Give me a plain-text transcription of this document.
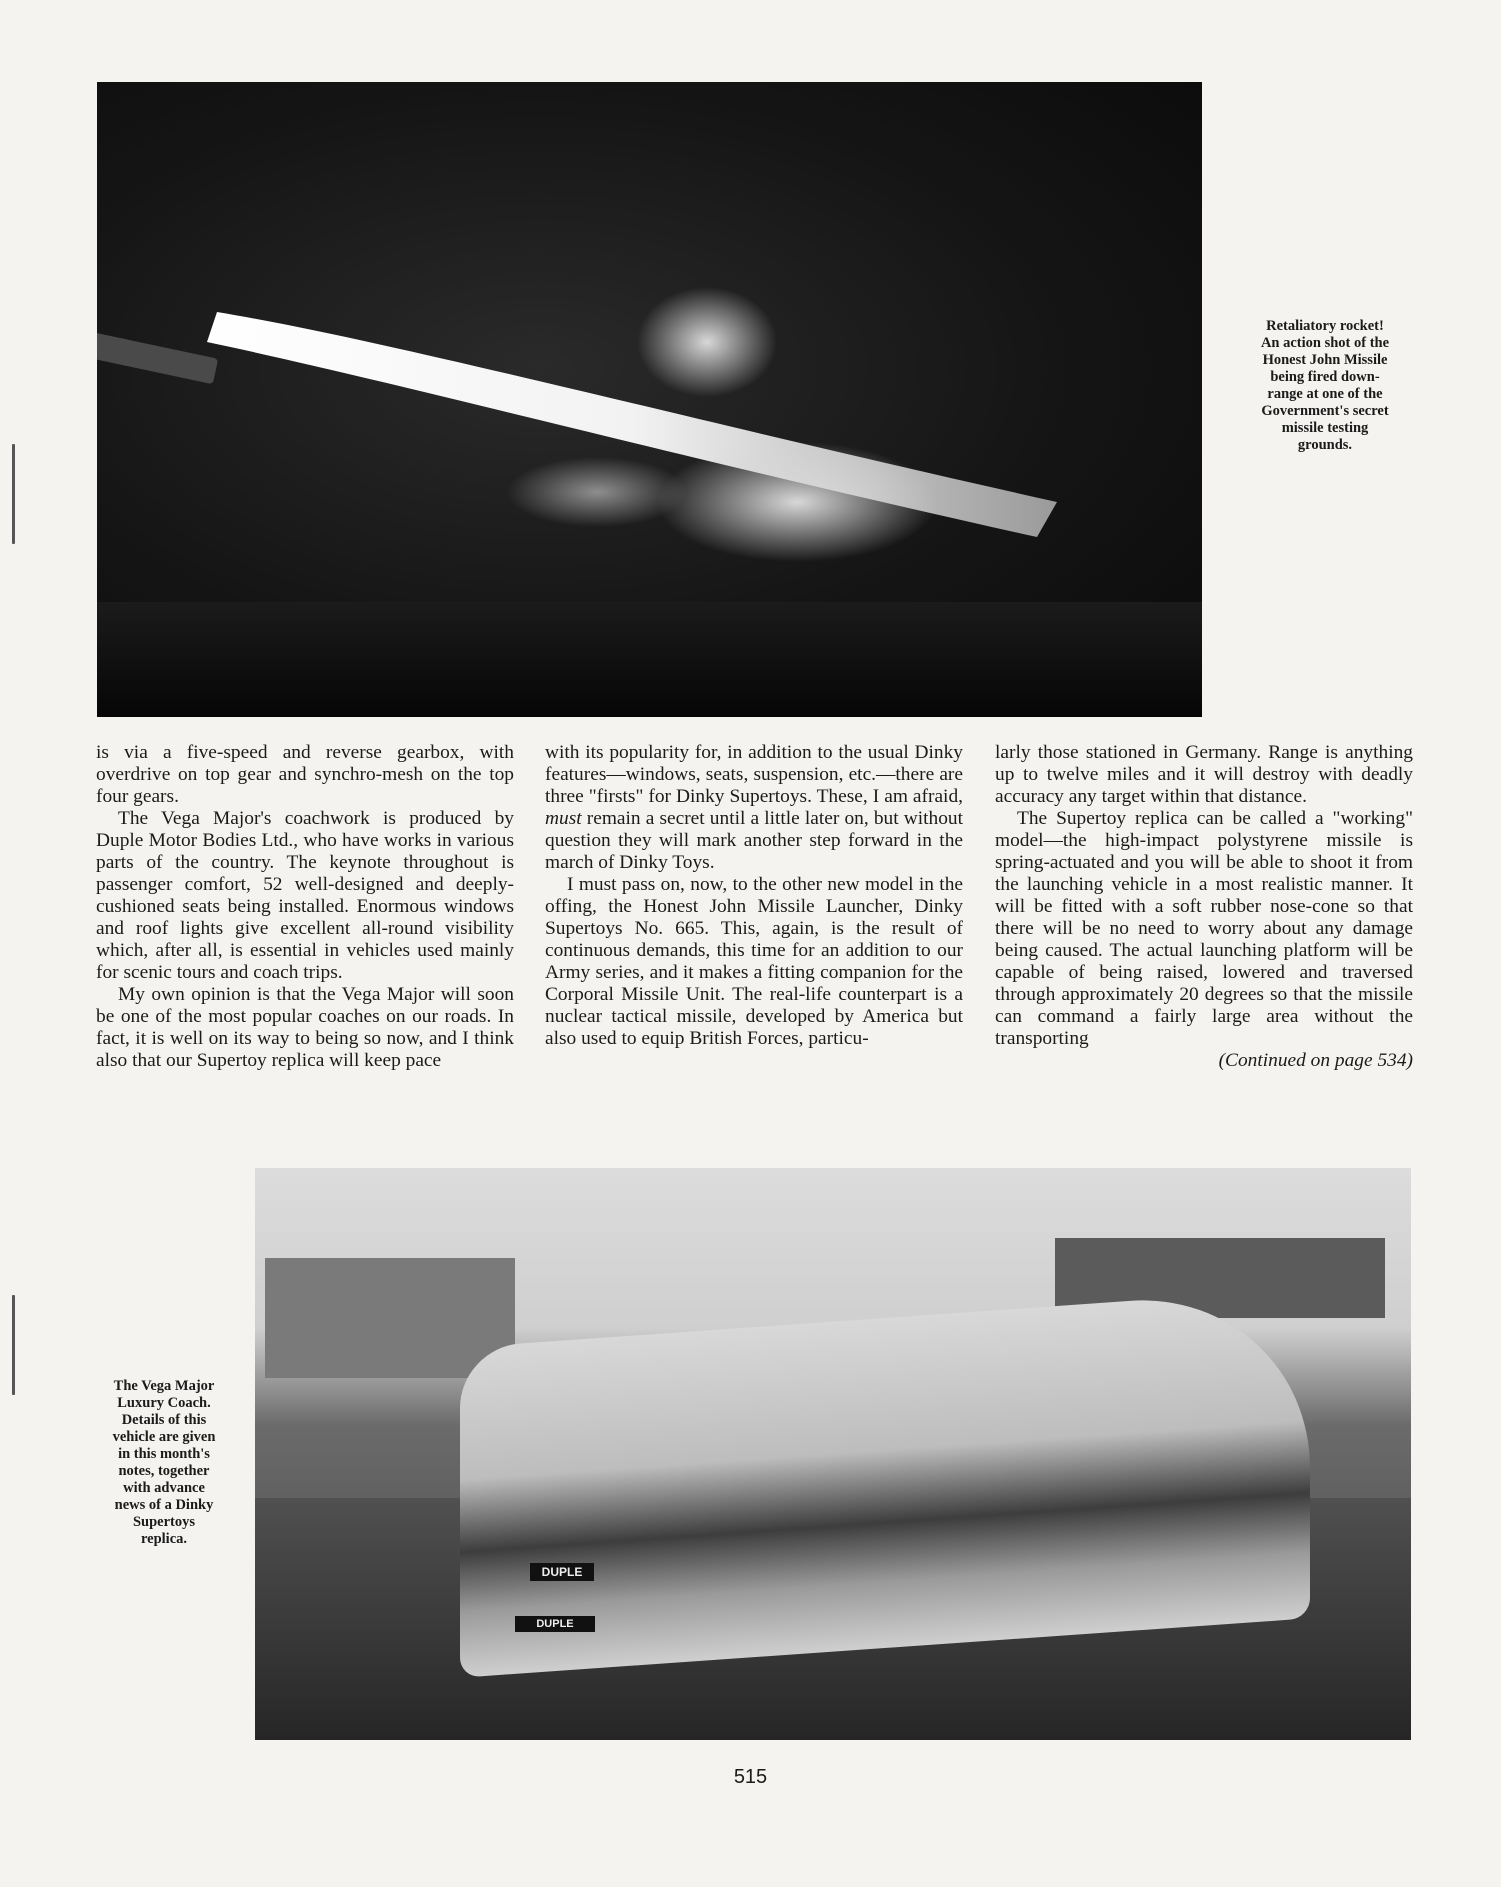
Retaliatory rocket!
An action shot of the
Honest John Missile
being fired down-
range at one of the
Government's secret
missile testing
grounds.

is via a five-speed and reverse gearbox, with overdrive on top gear and synchro-mesh on the top four gears.

The Vega Major's coachwork is produced by Duple Motor Bodies Ltd., who have works in various parts of the country. The keynote throughout is passenger comfort, 52 well-designed and deeply-cushioned seats being installed. Enormous windows and roof lights give excellent all-round visibility which, after all, is essential in vehicles used mainly for scenic tours and coach trips.

My own opinion is that the Vega Major will soon be one of the most popular coaches on our roads. In fact, it is well on its way to being so now, and I think also that our Supertoy replica will keep pace

with its popularity for, in addition to the usual Dinky features—windows, seats, suspension, etc.—there are three "firsts" for Dinky Supertoys. These, I am afraid, must remain a secret until a little later on, but without question they will mark another step forward in the march of Dinky Toys.

I must pass on, now, to the other new model in the offing, the Honest John Missile Launcher, Dinky Supertoys No. 665. This, again, is the result of continuous demands, this time for an addition to our Army series, and it makes a fitting companion for the Corporal Missile Unit. The real-life counterpart is a nuclear tactical missile, developed by America but also used to equip British Forces, particu-

larly those stationed in Germany. Range is anything up to twelve miles and it will destroy with deadly accuracy any target within that distance.

The Supertoy replica can be called a "working" model—the high-impact polystyrene missile is spring-actuated and you will be able to shoot it from the launching vehicle in a most realistic manner. It will be fitted with a soft rubber nose-cone so that there will be no need to worry about any damage being caused. The actual launching platform will be capable of being raised, lowered and traversed through approximately 20 degrees so that the missile can command a fairly large area without the transporting

(Continued on page 534)

DUPLE
DUPLE
The Vega Major
Luxury Coach.
Details of this
vehicle are given
in this month's
notes, together
with advance
news of a Dinky
Supertoys
replica.
515
